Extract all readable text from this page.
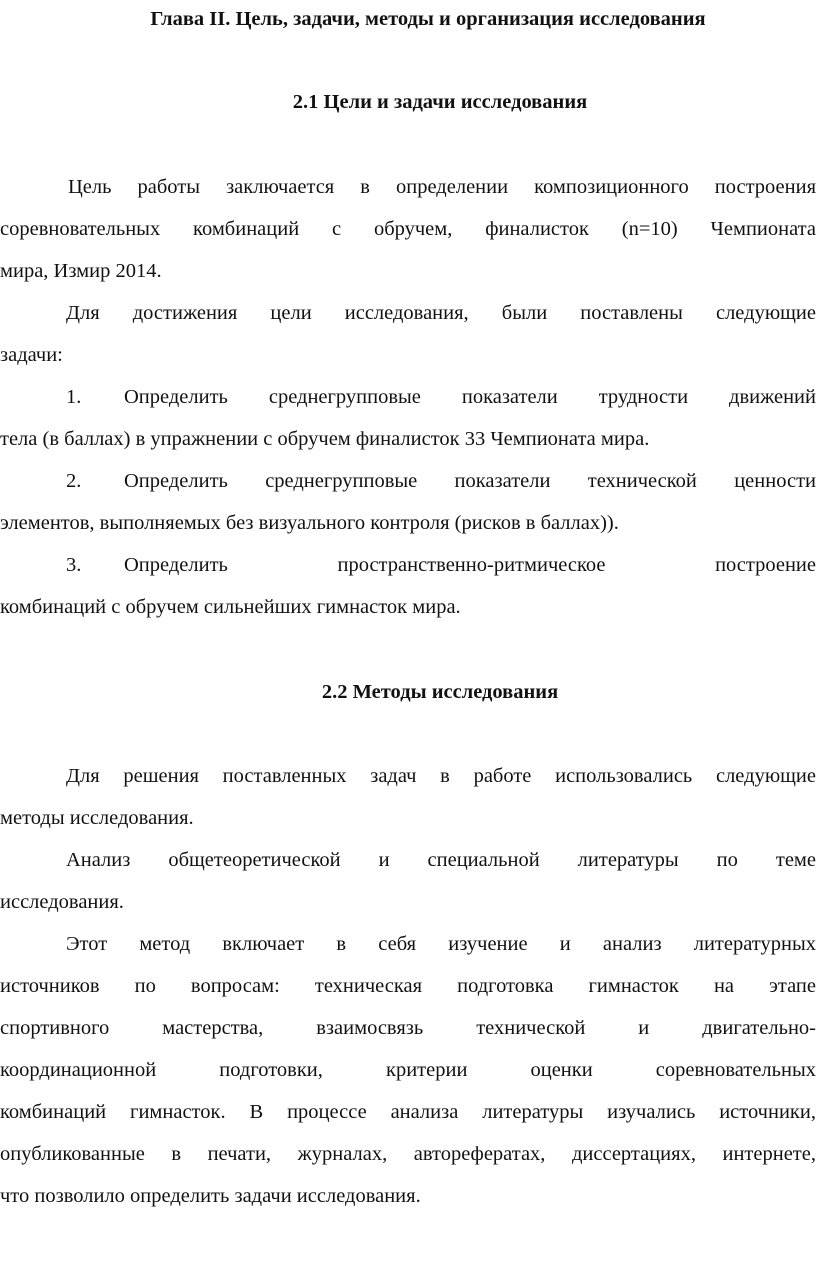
Глава II. Цель, задачи, методы и организация исследования
2.1 Цели и задачи исследования
Цель работы заключается в определении композиционного построения
соревновательных комбинаций с обручем, финалисток (n=10) Чемпионата
мира, Измир 2014.
Для достижения цели исследования, были поставлены следующие
задачи:
1. Определить среднегрупповые показатели трудности движений
тела (в баллах) в упражнении с обручем финалисток 33 Чемпионата мира.
2. Определить среднегрупповые показатели технической ценности
элементов, выполняемых без визуального контроля (рисков в баллах)).
3. Определить пространственно-ритмическое построение
комбинаций с обручем сильнейших гимнасток мира.
2.2 Методы исследования
Для решения поставленных задач в работе использовались следующие
методы исследования.
Анализ общетеоретической и специальной литературы по теме
исследования.
Этот метод включает в себя изучение и анализ литературных
источников по вопросам: техническая подготовка гимнасток на этапе
спортивного мастерства, взаимосвязь технической и двигательно-
координационной подготовки, критерии оценки соревновательных
комбинаций гимнасток. В процессе анализа литературы изучались источники,
опубликованные в печати, журналах, авторефератах, диссертациях, интернете,
что позволило определить задачи исследования.
